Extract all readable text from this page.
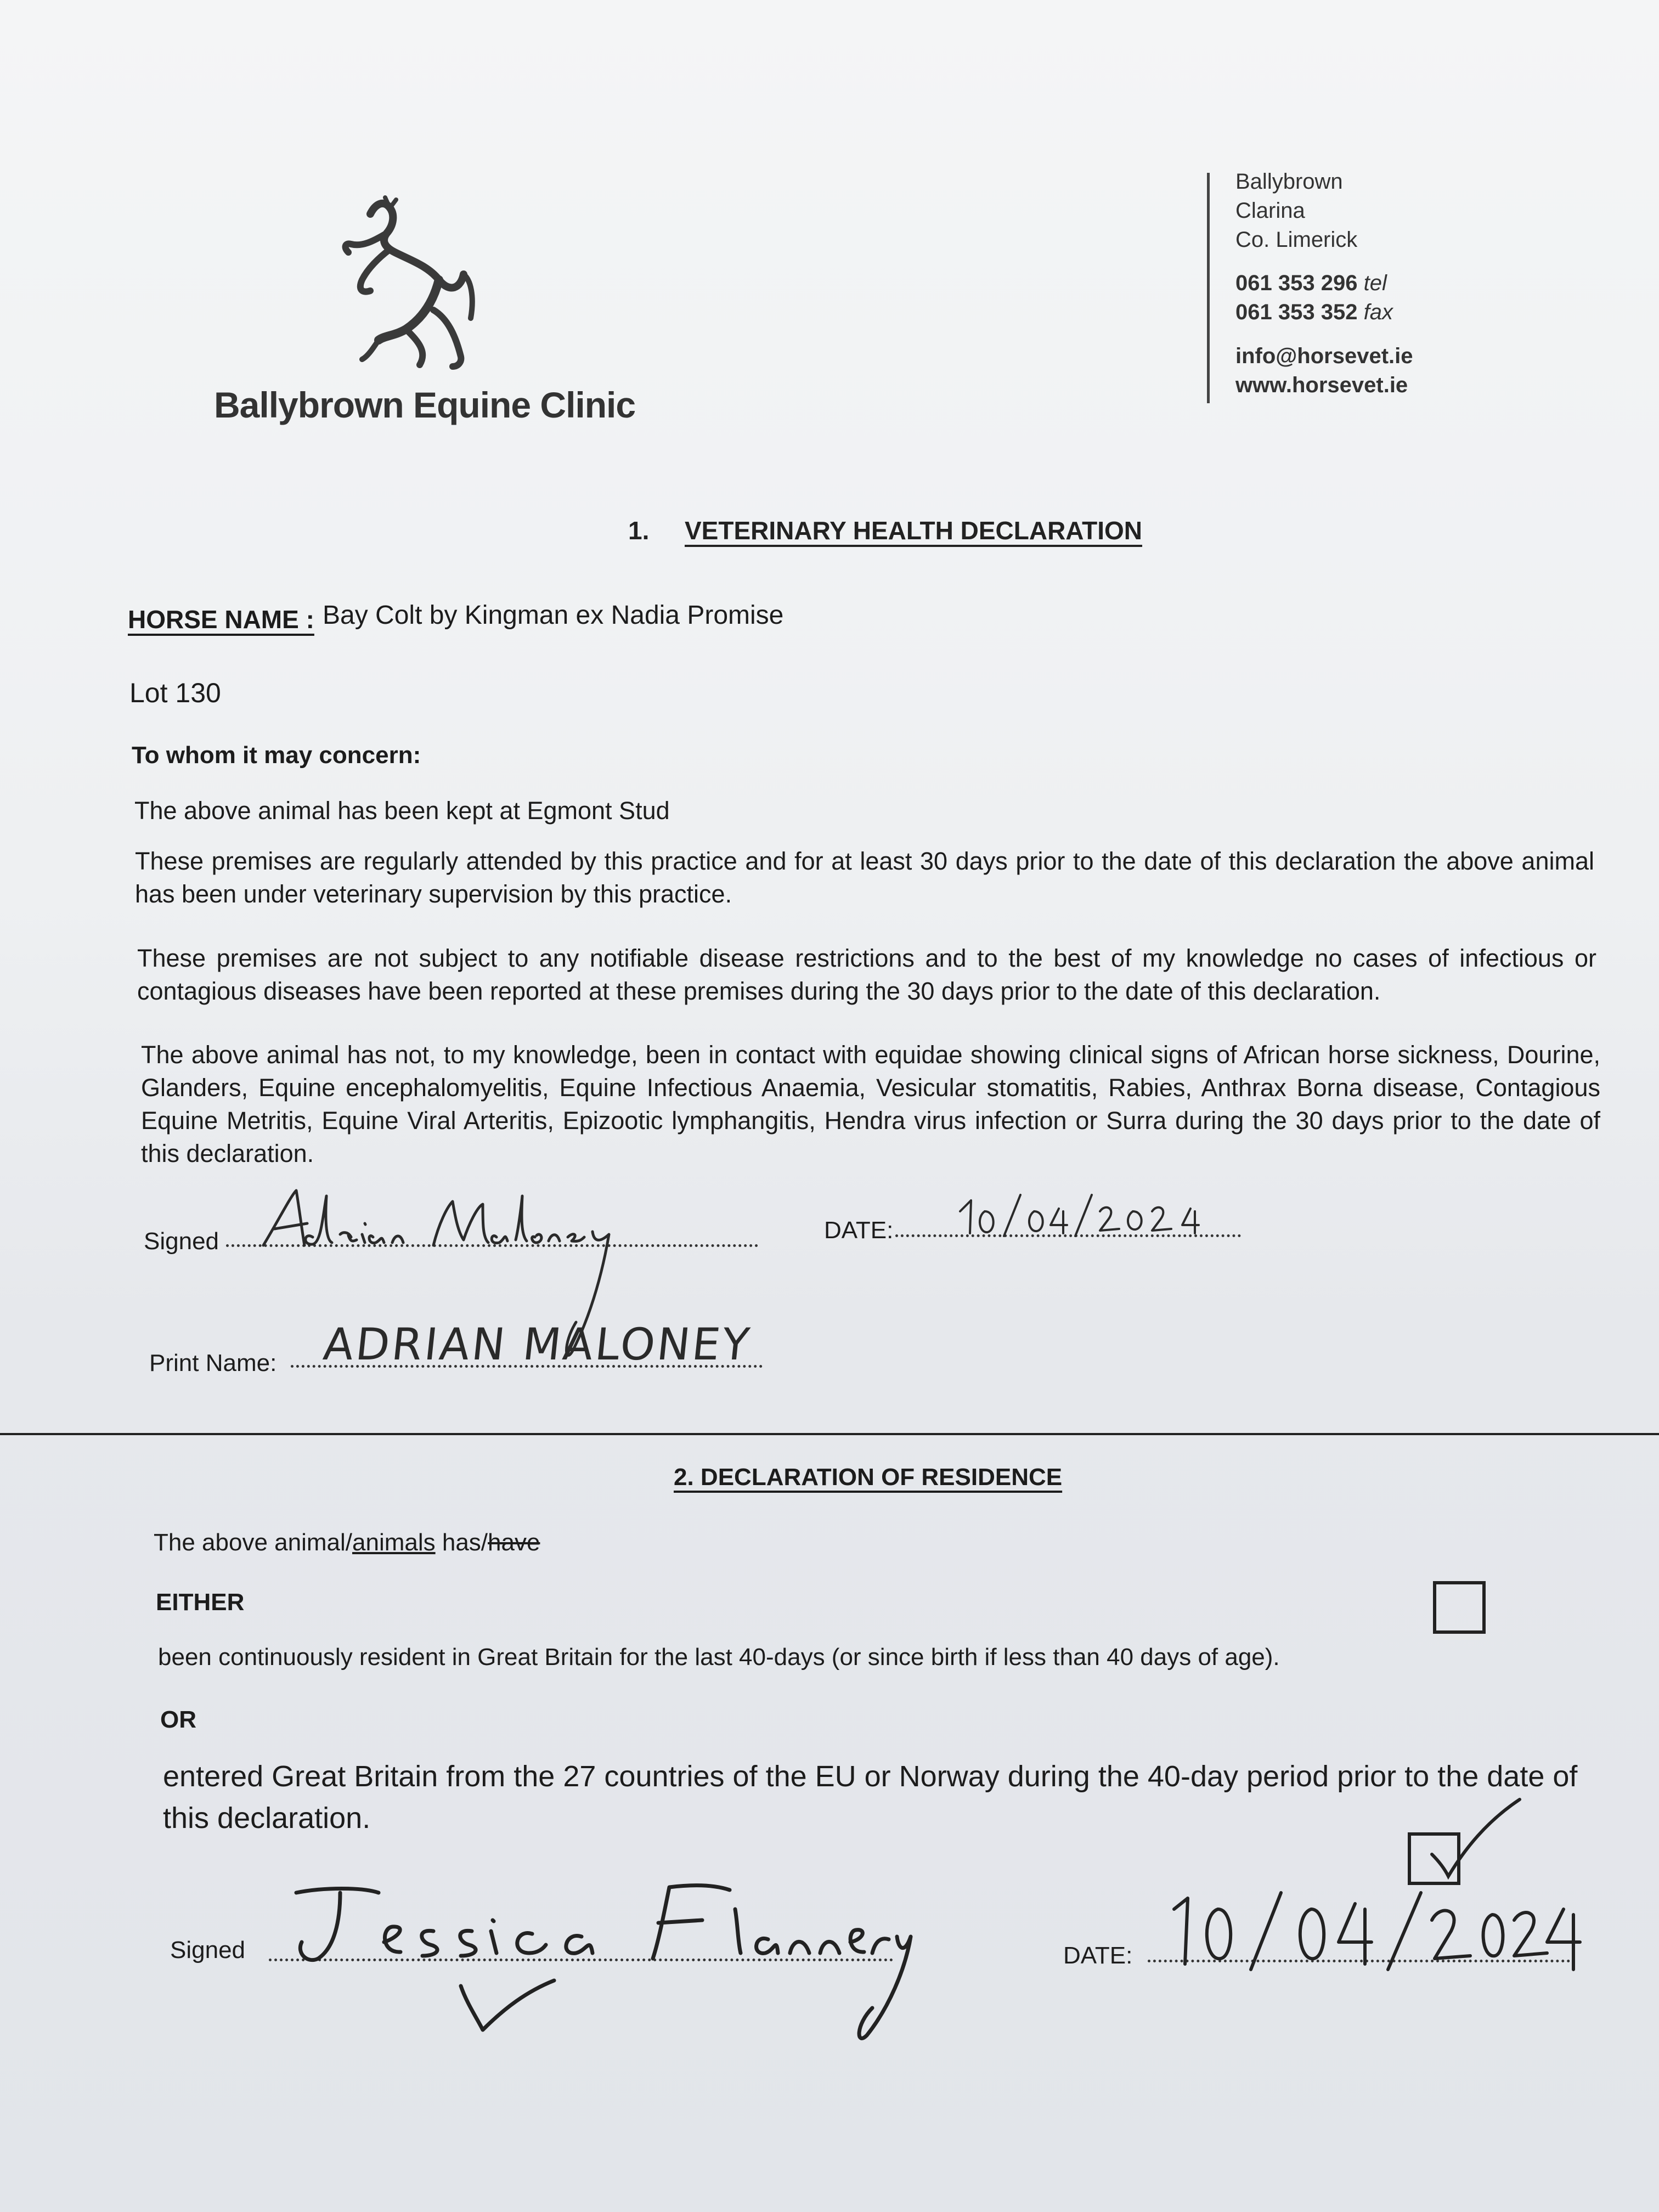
Ballybrown Equine Clinic
Ballybrown
Clarina
Co. Limerick
061 353 296 tel
061 353 352 fax
info@horsevet.ie
www.horsevet.ie
1. VETERINARY HEALTH DECLARATION
HORSE NAME : Bay Colt by Kingman ex Nadia Promise
Lot 130
To whom it may concern:
The above animal has been kept at Egmont Stud
These premises are regularly attended by this practice and for at least 30 days prior to the date of this declaration the above animal has been under veterinary supervision by this practice.
These premises are not subject to any notifiable disease restrictions and to the best of my knowledge no cases of infectious or contagious diseases have been reported at these premises during the 30 days prior to the date of this declaration.
The above animal has not, to my knowledge, been in contact with equidae showing clinical signs of African horse sickness, Dourine, Glanders, Equine encephalomyelitis, Equine Infectious Anaemia, Vesicular stomatitis, Rabies, Anthrax Borna disease, Contagious Equine Metritis, Equine Viral Arteritis, Epizootic lymphangitis, Hendra virus infection or Surra during the 30 days prior to the date of this declaration.
Signed	DATE:
Print Name: ADRIAN MALONEY
2. DECLARATION OF RESIDENCE
The above animal/animals has/have
EITHER
been continuously resident in Great Britain for the last 40-days (or since birth if less than 40 days of age).
OR
entered Great Britain from the 27 countries of the EU or Norway during the 40-day period prior to the date of this declaration.
Signed	DATE:
